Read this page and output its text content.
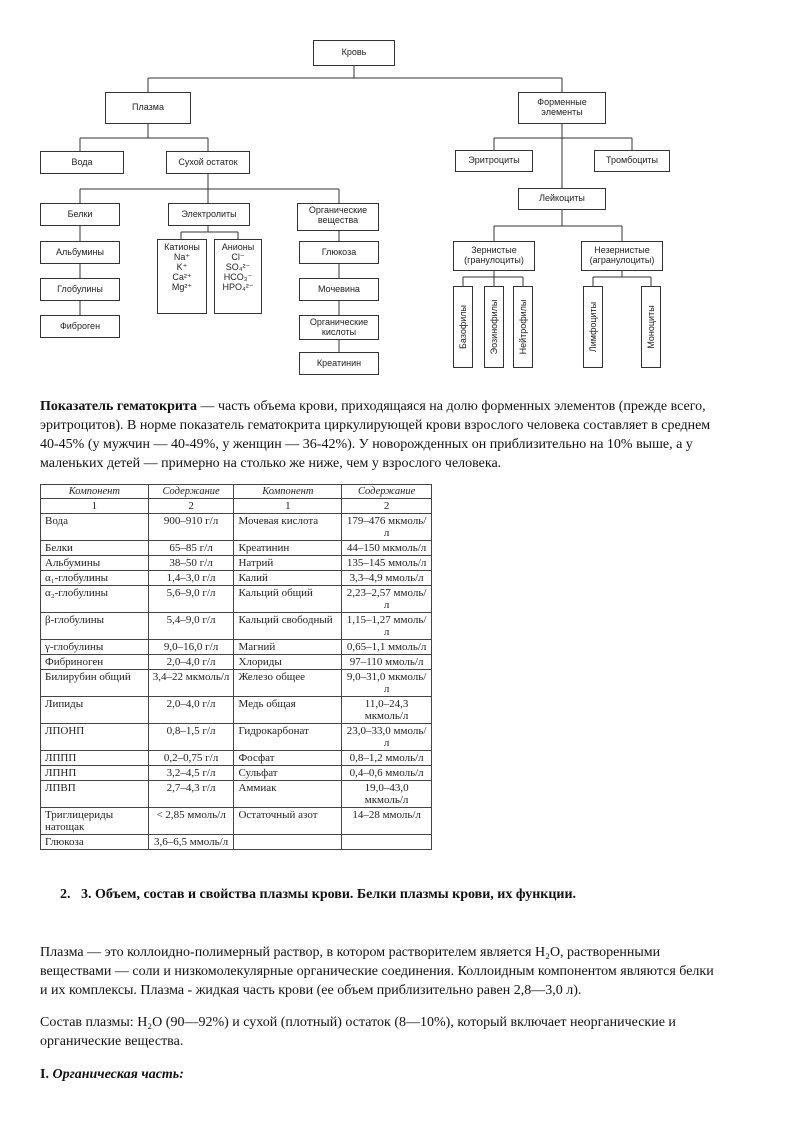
Кровь
Плазма
Форменные
элементы
Вода	Сухой остаток
Белки	Электролиты	Органические
вещества
Альбумины
Глобулины
Фиброген
Катионы
Na⁺
K⁺
Ca²⁺
Mg²⁺
Анионы
Cl⁻
SO₄²⁻
HCO₃⁻
HPO₄²⁻
Глюкоза
Мочевина
Органические
кислоты
Креатинин
Эритроциты	Тромбоциты
Лейкоциты
Зернистые
(гранулоциты)
Незернистые
(агранулоциты)
Базофилы Эозинофилы Нейтрофилы	Лимфоциты	Моноциты
Показатель гематокрита — часть объема крови, приходящаяся на долю форменных элементов (прежде всего,
эритроцитов). В норме показатель гематокрита циркулирующей крови взрослого человека составляет в среднем
40-45% (у мужчин — 40-49%, у женщин — 36-42%). У новорожденных он приблизительно на 10% выше, а у
маленьких детей — примерно на столько же ниже, чем у взрослого человека.
Компонент	Содержание	Компонент	Содержание
1	2	1	2
Вода	900–910 г/л	Мочевая кислота	179–476 мкмоль/л
Белки	65–85 г/л	Креатинин	44–150 мкмоль/л
Альбумины	38–50 г/л	Натрий	135–145 ммоль/л
α₁-глобулины	1,4–3,0 г/л	Калий	3,3–4,9 ммоль/л
α₂-глобулины	5,6–9,0 г/л	Кальций общий	2,23–2,57 ммоль/л
β-глобулины	5,4–9,0 г/л	Кальций свободный	1,15–1,27 ммоль/л
γ-глобулины	9,0–16,0 г/л	Магний	0,65–1,1 ммоль/л
Фибриноген	2,0–4,0 г/л	Хлориды	97–110 ммоль/л
Билирубин общий	3,4–22 мкмоль/л	Железо общее	9,0–31,0 мкмоль/л
Липиды	2,0–4,0 г/л	Медь общая	11,0–24,3 мкмоль/л
ЛПОНП	0,8–1,5 г/л	Гидрокарбонат	23,0–33,0 ммоль/л
ЛППП	0,2–0,75 г/л	Фосфат	0,8–1,2 ммоль/л
ЛПНП	3,2–4,5 г/л	Сульфат	0,4–0,6 ммоль/л
ЛПВП	2,7–4,3 г/л	Аммиак	19,0–43,0 мкмоль/л
Триглицериды натощак	< 2,85 ммоль/л	Остаточный азот	14–28 ммоль/л
Глюкоза	3,6–6,5 ммоль/л		
2. 3. Объем, состав и свойства плазмы крови. Белки плазмы крови, их функции.
Плазма — это коллоидно-полимерный раствор, в котором растворителем является H₂O, растворенными
веществами — соли и низкомолекулярные органические соединения. Коллоидным компонентом являются белки
и их комплексы. Плазма - жидкая часть крови (ее объем приблизительно равен 2,8—3,0 л).
Состав плазмы: H₂O (90—92%) и сухой (плотный) остаток (8—10%), который включает неорганические и
органические вещества.
I. Органическая часть:
